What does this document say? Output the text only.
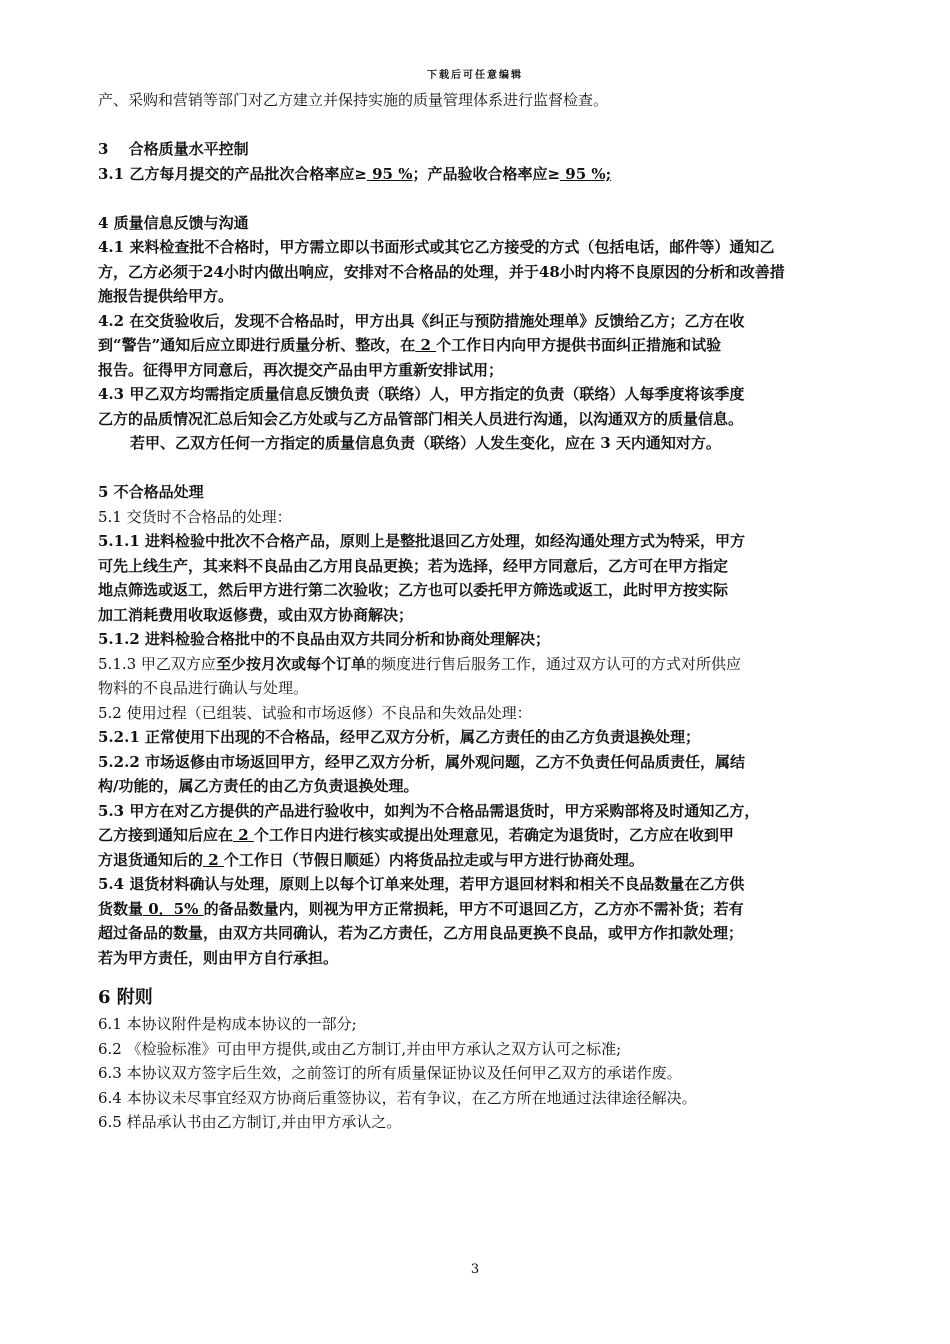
下载后可任意编辑
产、采购和营销等部门对乙方建立并保持实施的质量管理体系进行监督检查。
3　 合格质量水平控制
3.1 乙方每月提交的产品批次合格率应≥ 95 %；产品验收合格率应≥ 95 %;
4 质量信息反馈与沟通
4.1 来料检查批不合格时，甲方需立即以书面形式或其它乙方接受的方式（包括电话，邮件等）通知乙
方，乙方必须于24小时内做出响应，安排对不合格品的处理，并于48小时内将不良原因的分析和改善措
施报告提供给甲方。
4.2 在交货验收后，发现不合格品时，甲方出具《纠正与预防措施处理单》反馈给乙方；乙方在收
到“警告”通知后应立即进行质量分析、整改，在 2 个工作日内向甲方提供书面纠正措施和试验
报告。征得甲方同意后，再次提交产品由甲方重新安排试用；
4.3 甲乙双方均需指定质量信息反馈负责（联络）人，甲方指定的负责（联络）人每季度将该季度
乙方的品质情况汇总后知会乙方处或与乙方品管部门相关人员进行沟通，以沟通双方的质量信息。
若甲、乙双方任何一方指定的质量信息负责（联络）人发生变化，应在 3 天内通知对方。
5 不合格品处理
5.1 交货时不合格品的处理：
5.1.1 进料检验中批次不合格产品，原则上是整批退回乙方处理，如经沟通处理方式为特采，甲方
可先上线生产，其来料不良品由乙方用良品更换；若为选择，经甲方同意后，乙方可在甲方指定
地点筛选或返工，然后甲方进行第二次验收；乙方也可以委托甲方筛选或返工，此时甲方按实际
加工消耗费用收取返修费，或由双方协商解决；
5.1.2 进料检验合格批中的不良品由双方共同分析和协商处理解决；
5.1.3 甲乙双方应至少按月次或每个订单的频度进行售后服务工作，通过双方认可的方式对所供应
物料的不良品进行确认与处理。
5.2 使用过程（已组装、试验和市场返修）不良品和失效品处理：
5.2.1 正常使用下出现的不合格品，经甲乙双方分析，属乙方责任的由乙方负责退换处理；
5.2.2 市场返修由市场返回甲方，经甲乙双方分析，属外观问题，乙方不负责任何品质责任，属结
构/功能的，属乙方责任的由乙方负责退换处理。
5.3 甲方在对乙方提供的产品进行验收中，如判为不合格品需退货时，甲方采购部将及时通知乙方，
乙方接到通知后应在 2 个工作日内进行核实或提出处理意见，若确定为退货时，乙方应在收到甲
方退货通知后的 2 个工作日（节假日顺延）内将货品拉走或与甲方进行协商处理。
5.4 退货材料确认与处理，原则上以每个订单来处理，若甲方退回材料和相关不良品数量在乙方供
货数量 0．5% 的备品数量内，则视为甲方正常损耗，甲方不可退回乙方，乙方亦不需补货；若有
超过备品的数量，由双方共同确认，若为乙方责任，乙方用良品更换不良品，或甲方作扣款处理；
若为甲方责任，则由甲方自行承担。
6 附则
6.1 本协议附件是构成本协议的一部分;
6.2 《检验标准》可由甲方提供,或由乙方制订,并由甲方承认之双方认可之标准;
6.3 本协议双方签字后生效，之前签订的所有质量保证协议及任何甲乙双方的承诺作废。
6.4 本协议未尽事宜经双方协商后重签协议，若有争议，在乙方所在地通过法律途径解决。
6.5 样品承认书由乙方制订,并由甲方承认之。
3
